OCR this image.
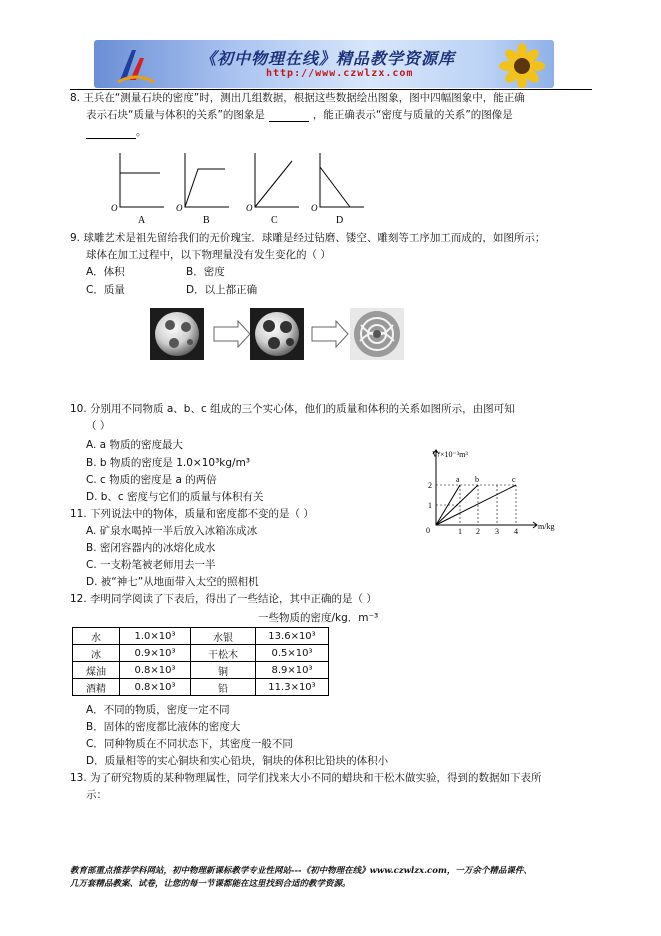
《初中物理在线》精品教学资源库
http://www.czwlzx.com
8. 王兵在“测量石块的密度”时，测出几组数据，根据这些数据绘出图象，图中四幅图象中，能正确
表示石块“质量与体积的关系”的图象是	，能正确表示“密度与质量的关系”的图像是
。
O	O	O	O
A	B	C	D
9. 球雕艺术是祖先留给我们的无价瑰宝．球雕是经过钻磨、镂空、雕刻等工序加工而成的，如图所示；
球体在加工过程中，以下物理量没有发生变化的（ ）
A．体积	B．密度
C．质量	D．以上都正确
10. 分别用不同物质 a、b、c 组成的三个实心体，他们的质量和体积的关系如图所示，由图可知
（ ）
A. a 物质的密度最大
B. b 物质的密度是 1.0×10³kg/m³
C. c 物质的密度是 a 的两倍
D. b、c 密度与它们的质量与体积有关
V/×10⁻³m³
m/kg
0
1
2
1 2 3 4
a b	c
11. 下列说法中的物体，质量和密度都不变的是（ ）
A. 矿泉水喝掉一半后放入冰箱冻成冰
B. 密闭容器内的冰熔化成水
C. 一支粉笔被老师用去一半
D. 被“神七”从地面带入太空的照相机
12. 李明同学阅读了下表后，得出了一些结论，其中正确的是（ ）
一些物质的密度/kg．m⁻³
水	1.0×10³	水银	13.6×10³
冰	0.9×10³	干松木	0.5×10³
煤油	0.8×10³	铜	8.9×10³
酒精	0.8×10³	铅	11.3×10³
A．不同的物质，密度一定不同
B．固体的密度都比液体的密度大
C．同种物质在不同状态下，其密度一般不同
D．质量相等的实心铜块和实心铅块，铜块的体积比铅块的体积小
13. 为了研究物质的某种物理属性，同学们找来大小不同的蜡块和干松木做实验，得到的数据如下表所
示：
教育部重点推荐学科网站，初中物理新课标教学专业性网站---《初中物理在线》www.czwlzx.com，一万余个精品课件、
几万套精品教案、试卷，让您的每一节课都能在这里找到合适的教学资源。
